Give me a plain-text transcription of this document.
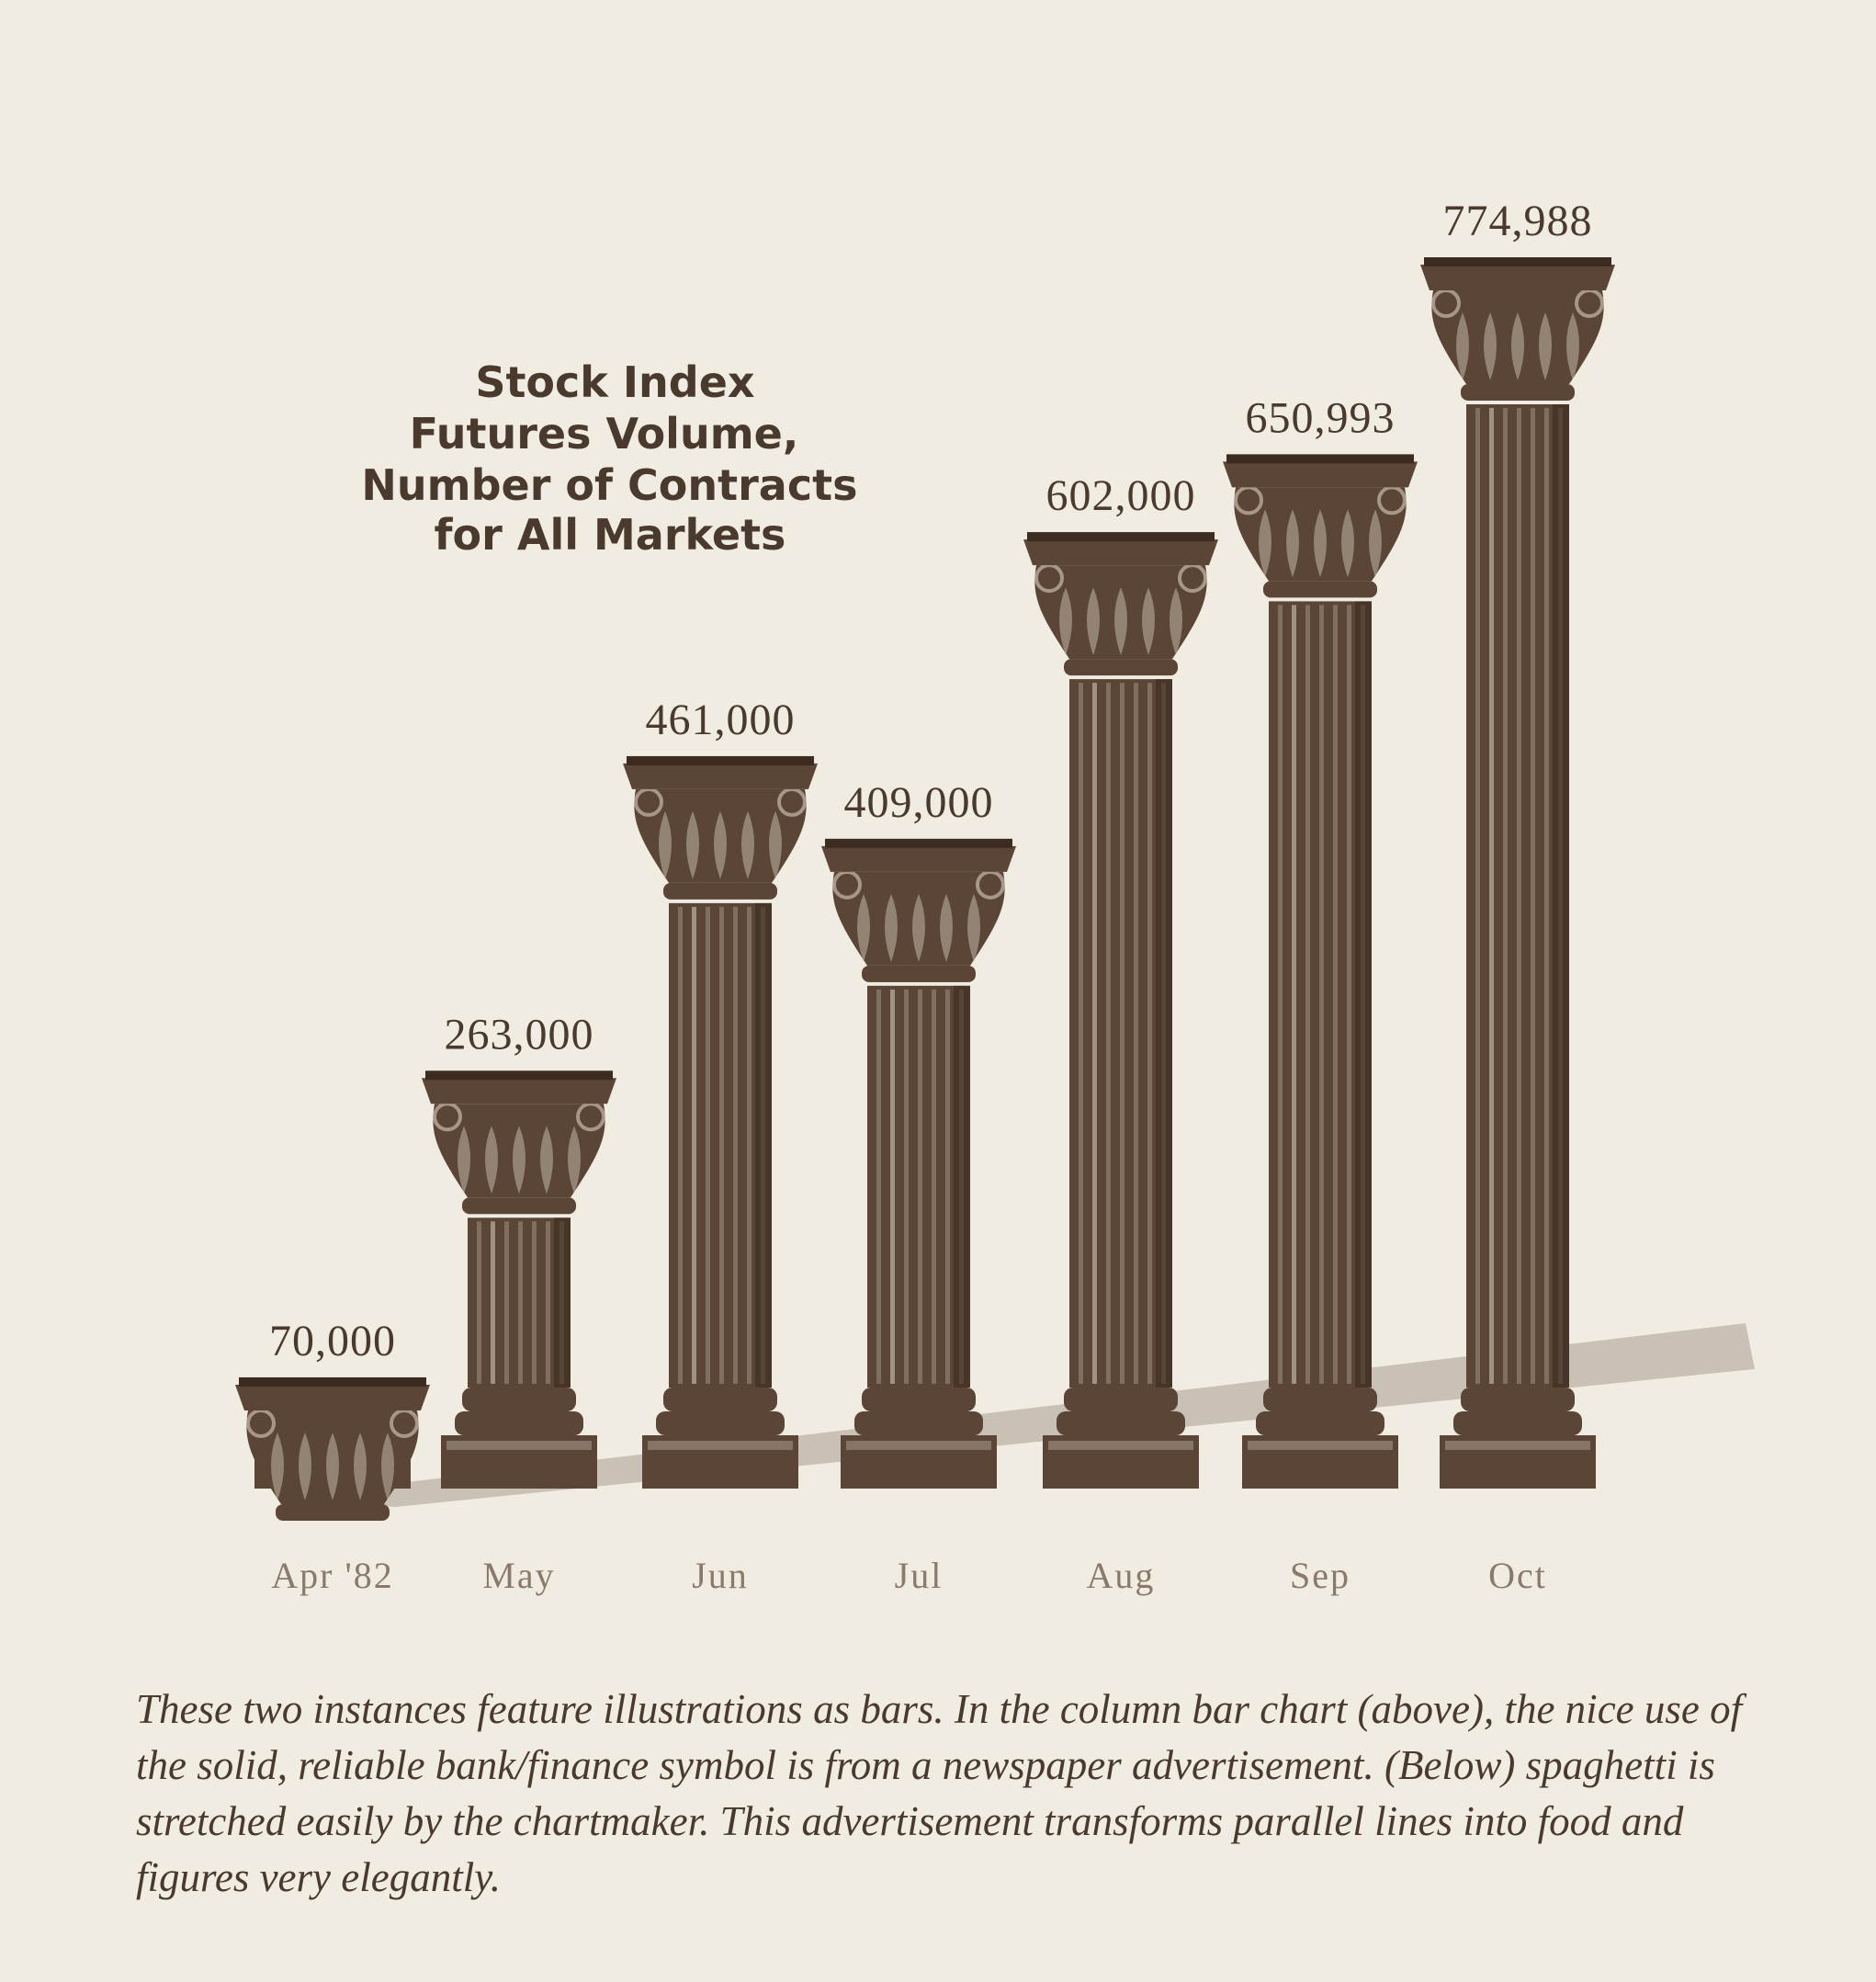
70,000
263,000
461,000
409,000
602,000
650,993
774,988
Apr '82 May	Jun	Jul	Aug	Sep	Oct
Stock Index Futures Volume, Number of Contracts for All Markets

These two instances feature illustrations as bars. In the column bar chart (above), the nice use of the solid, reliable bank/finance symbol is from a newspaper advertisement. (Below) spaghetti is stretched easily by the chartmaker. This advertisement transforms parallel lines into food and figures very elegantly.
